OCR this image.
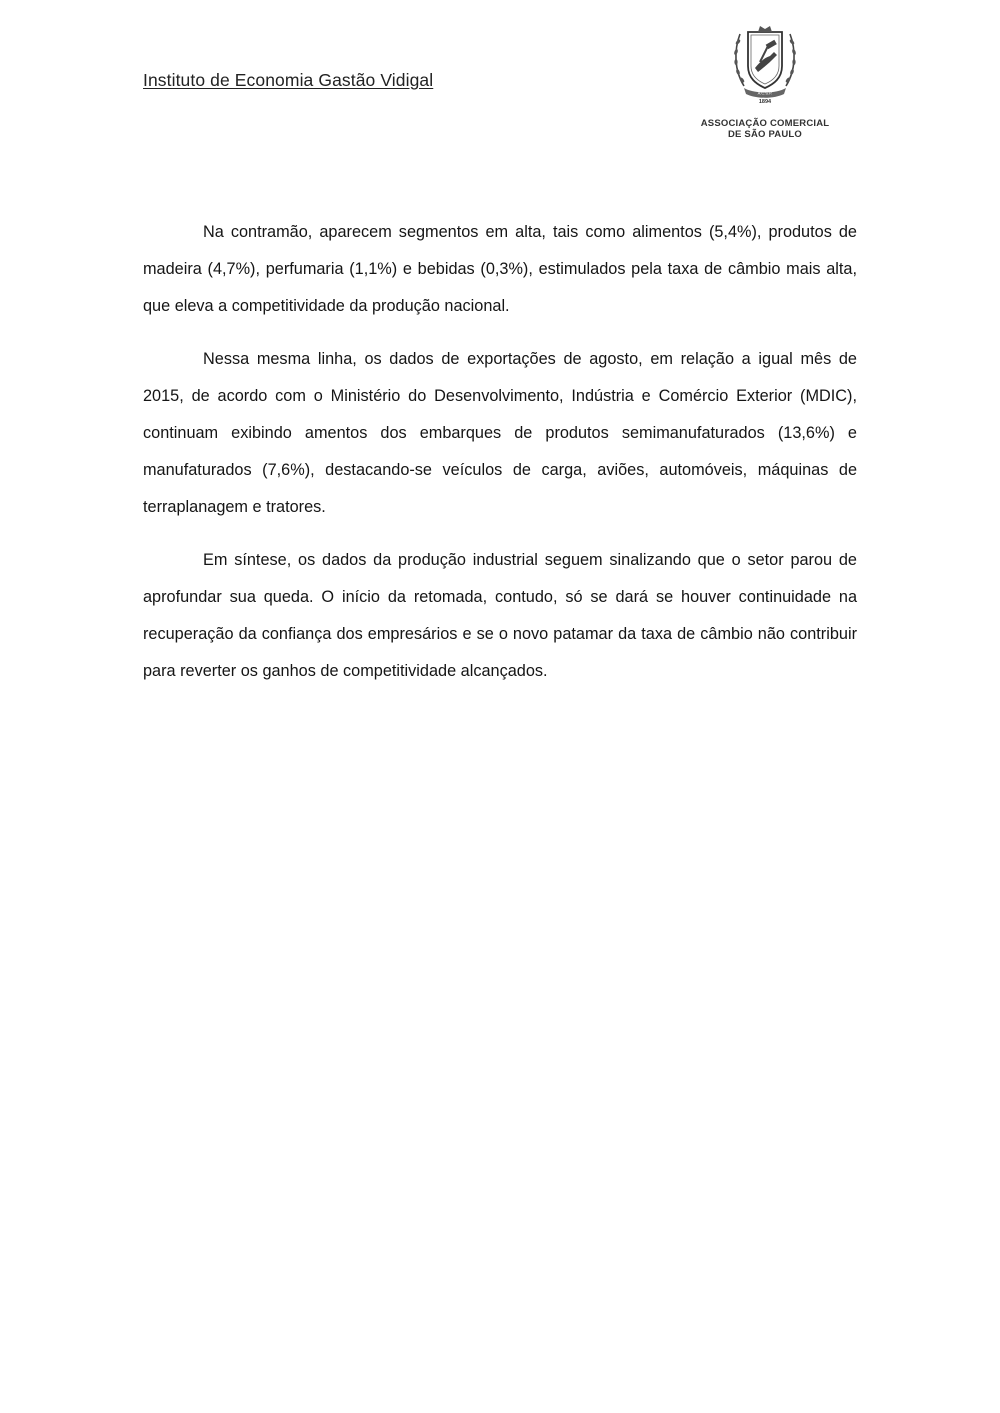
Instituto de Economia Gastão Vidigal
A.C.S.P.
1894
ASSOCIAÇÃO COMERCIAL
DE SÃO PAULO

Na contramão, aparecem segmentos em alta, tais como alimentos (5,4%), produtos de madeira (4,7%), perfumaria (1,1%) e bebidas (0,3%), estimulados pela taxa de câmbio mais alta, que eleva a competitividade da produção nacional.

Nessa mesma linha, os dados de exportações de agosto, em relação a igual mês de 2015, de acordo com o Ministério do Desenvolvimento, Indústria e Comércio Exterior (MDIC), continuam exibindo amentos dos embarques de produtos semimanufaturados (13,6%) e manufaturados (7,6%), destacando-se veículos de carga, aviões, automóveis, máquinas de terraplanagem e tratores.

Em síntese, os dados da produção industrial seguem sinalizando que o setor parou de aprofundar sua queda. O início da retomada, contudo, só se dará se houver continuidade na recuperação da confiança dos empresários e se o novo patamar da taxa de câmbio não contribuir para reverter os ganhos de competitividade alcançados.
